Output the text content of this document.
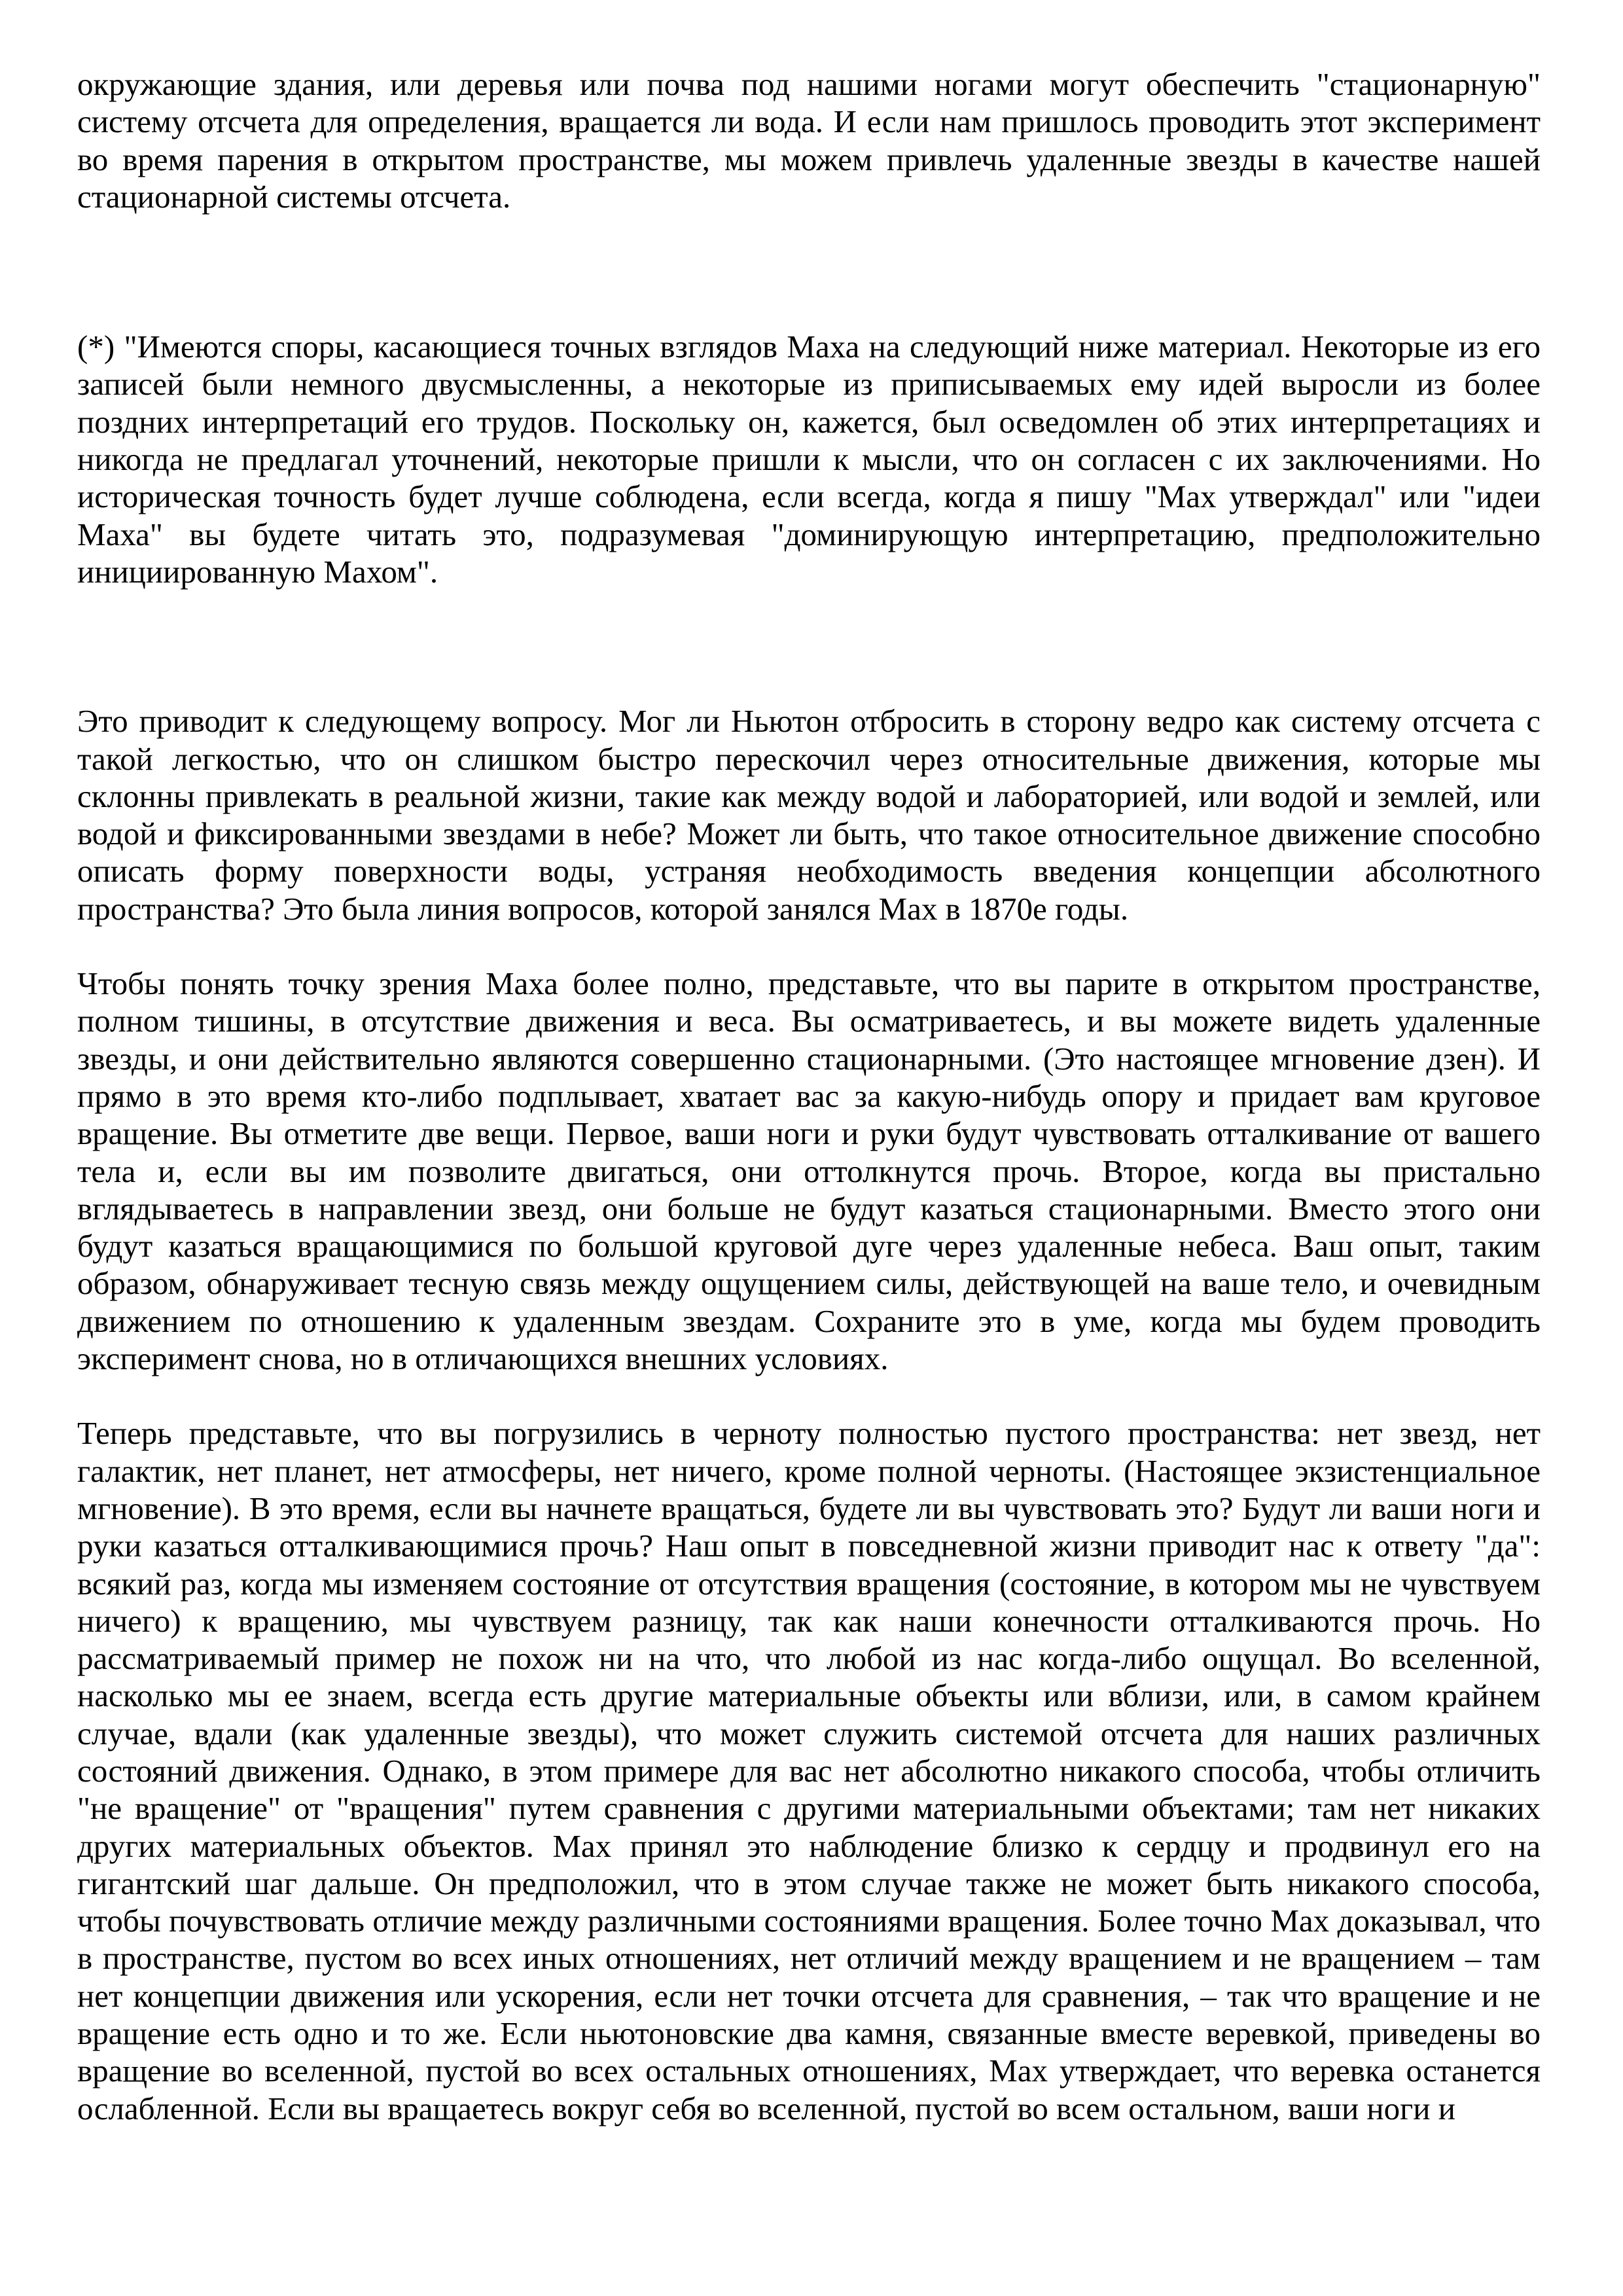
окружающие здания, или деревья или почва под нашими ногами могут обеспечить "стационарную" систему отсчета для определения, вращается ли вода. И если нам пришлось проводить этот эксперимент во время парения в открытом пространстве, мы можем привлечь удаленные звезды в качестве нашей стационарной системы отсчета.

(*) "Имеются споры, касающиеся точных взглядов Маха на следующий ниже материал. Некоторые из его записей были немного двусмысленны, а некоторые из приписываемых ему идей выросли из более поздних интерпретаций его трудов. Поскольку он, кажется, был осведомлен об этих интерпретациях и никогда не предлагал уточнений, некоторые пришли к мысли, что он согласен с их заключениями. Но историческая точность будет лучше соблюдена, если всегда, когда я пишу "Мах утверждал" или "идеи Маха" вы будете читать это, подразумевая "доминирующую интерпретацию, предположительно инициированную Махом".

Это приводит к следующему вопросу. Мог ли Ньютон отбросить в сторону ведро как систему отсчета с такой легкостью, что он слишком быстро перескочил через относительные движения, которые мы склонны привлекать в реальной жизни, такие как между водой и лабораторией, или водой и землей, или водой и фиксированными звездами в небе? Может ли быть, что такое относительное движение способно описать форму поверхности воды, устраняя необходимость введения концепции абсолютного пространства? Это была линия вопросов, которой занялся Мах в 1870е годы.

Чтобы понять точку зрения Маха более полно, представьте, что вы парите в открытом пространстве, полном тишины, в отсутствие движения и веса. Вы осматриваетесь, и вы можете видеть удаленные звезды, и они действительно являются совершенно стационарными. (Это настоящее мгновение дзен). И прямо в это время кто-либо подплывает, хватает вас за какую-нибудь опору и придает вам круговое вращение. Вы отметите две вещи. Первое, ваши ноги и руки будут чувствовать отталкивание от вашего тела и, если вы им позволите двигаться, они оттолкнутся прочь. Второе, когда вы пристально вглядываетесь в направлении звезд, они больше не будут казаться стационарными. Вместо этого они будут казаться вращающимися по большой круговой дуге через удаленные небеса. Ваш опыт, таким образом, обнаруживает тесную связь между ощущением силы, действующей на ваше тело, и очевидным движением по отношению к удаленным звездам. Сохраните это в уме, когда мы будем проводить эксперимент снова, но в отличающихся внешних условиях.

Теперь представьте, что вы погрузились в черноту полностью пустого пространства: нет звезд, нет галактик, нет планет, нет атмосферы, нет ничего, кроме полной черноты. (Настоящее экзистенциальное мгновение). В это время, если вы начнете вращаться, будете ли вы чувствовать это? Будут ли ваши ноги и руки казаться отталкивающимися прочь? Наш опыт в повседневной жизни приводит нас к ответу "да": всякий раз, когда мы изменяем состояние от отсутствия вращения (состояние, в котором мы не чувствуем ничего) к вращению, мы чувствуем разницу, так как наши конечности отталкиваются прочь. Но рассматриваемый пример не похож ни на что, что любой из нас когда-либо ощущал. Во вселенной, насколько мы ее знаем, всегда есть другие материальные объекты или вблизи, или, в самом крайнем случае, вдали (как удаленные звезды), что может служить системой отсчета для наших различных состояний движения. Однако, в этом примере для вас нет абсолютно никакого способа, чтобы отличить "не вращение" от "вращения" путем сравнения с другими материальными объектами; там нет никаких других материальных объектов. Мах принял это наблюдение близко к сердцу и продвинул его на гигантский шаг дальше. Он предположил, что в этом случае также не может быть никакого способа, чтобы почувствовать отличие между различными состояниями вращения. Более точно Мах доказывал, что в пространстве, пустом во всех иных отношениях, нет отличий между вращением и не вращением – там нет концепции движения или ускорения, если нет точки отсчета для сравнения, – так что вращение и не вращение есть одно и то же. Если ньютоновские два камня, связанные вместе веревкой, приведены во вращение во вселенной, пустой во всех остальных отношениях, Мах утверждает, что веревка останется ослабленной. Если вы вращаетесь вокруг себя во вселенной, пустой во всем остальном, ваши ноги и
